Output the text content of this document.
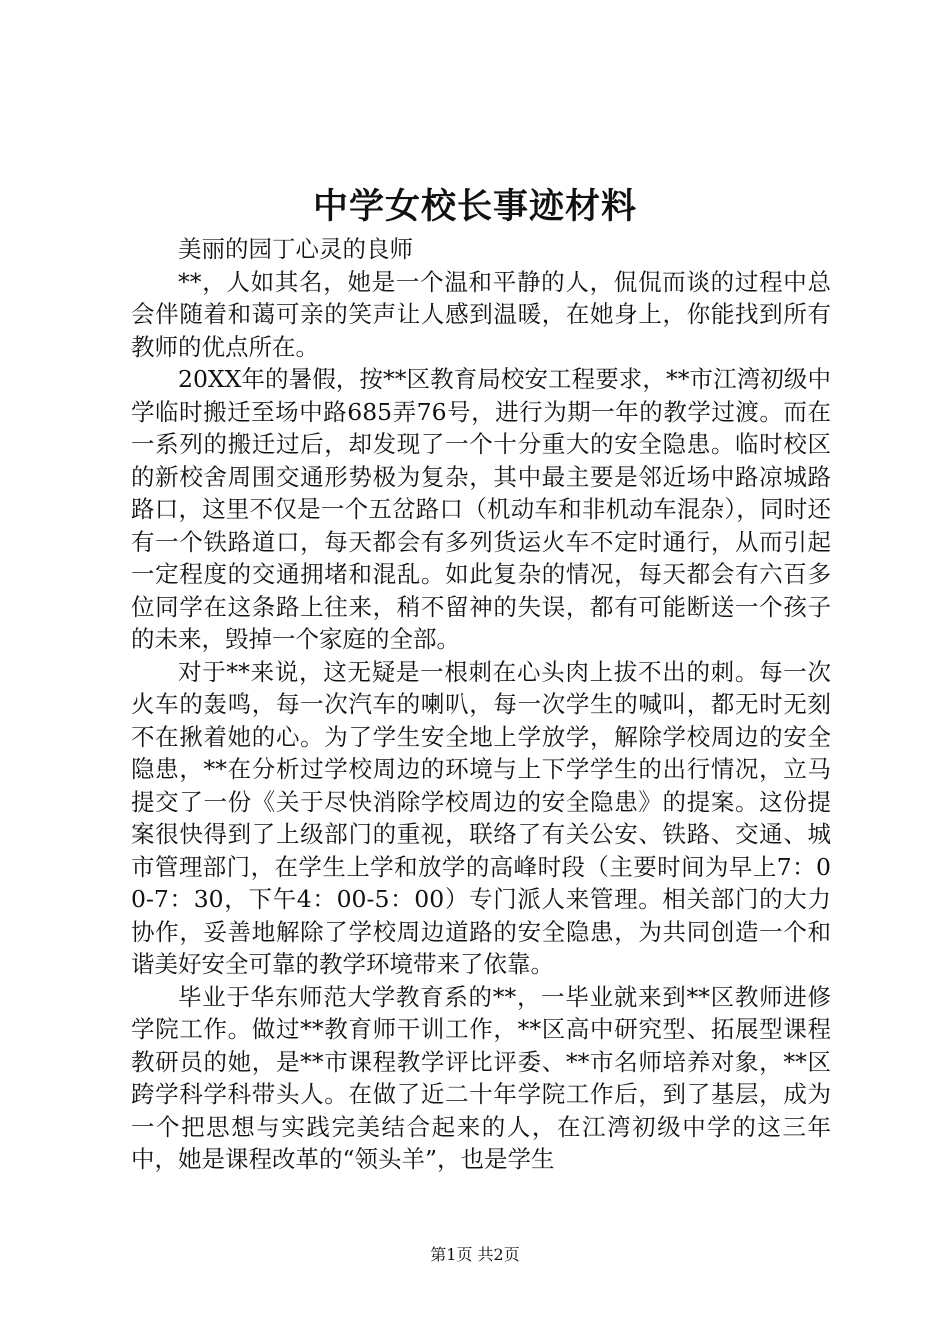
中学女校长事迹材料

美丽的园丁心灵的良师

**，人如其名，她是一个温和平静的人，侃侃而谈的过程中总会伴随着和蔼可亲的笑声让人感到温暖，在她身上，你能找到所有教师的优点所在。

20XX年的暑假，按**区教育局校安工程要求，**市江湾初级中学临时搬迁至场中路685弄76号，进行为期一年的教学过渡。而在一系列的搬迁过后，却发现了一个十分重大的安全隐患。临时校区的新校舍周围交通形势极为复杂，其中最主要是邻近场中路凉城路路口，这里不仅是一个五岔路口（机动车和非机动车混杂），同时还有一个铁路道口，每天都会有多列货运火车不定时通行，从而引起一定程度的交通拥堵和混乱。如此复杂的情况，每天都会有六百多位同学在这条路上往来，稍不留神的失误，都有可能断送一个孩子的未来，毁掉一个家庭的全部。

对于**来说，这无疑是一根刺在心头肉上拔不出的刺。每一次火车的轰鸣，每一次汽车的喇叭，每一次学生的喊叫，都无时无刻不在揪着她的心。为了学生安全地上学放学，解除学校周边的安全隐患，**在分析过学校周边的环境与上下学学生的出行情况，立马提交了一份《关于尽快消除学校周边的安全隐患》的提案。这份提案很快得到了上级部门的重视，联络了有关公安、铁路、交通、城市管理部门，在学生上学和放学的高峰时段（主要时间为早上7：00-7：30，下午4：00-5：00）专门派人来管理。相关部门的大力协作，妥善地解除了学校周边道路的安全隐患，为共同创造一个和谐美好安全可靠的教学环境带来了依靠。

毕业于华东师范大学教育系的**，一毕业就来到**区教师进修学院工作。做过**教育师干训工作，**区高中研究型、拓展型课程教研员的她，是**市课程教学评比评委、**市名师培养对象，**区跨学科学科带头人。在做了近二十年学院工作后，到了基层，成为一个把思想与实践完美结合起来的人，在江湾初级中学的这三年中，她是课程改革的“领头羊”，也是学生

第1页 共2页
